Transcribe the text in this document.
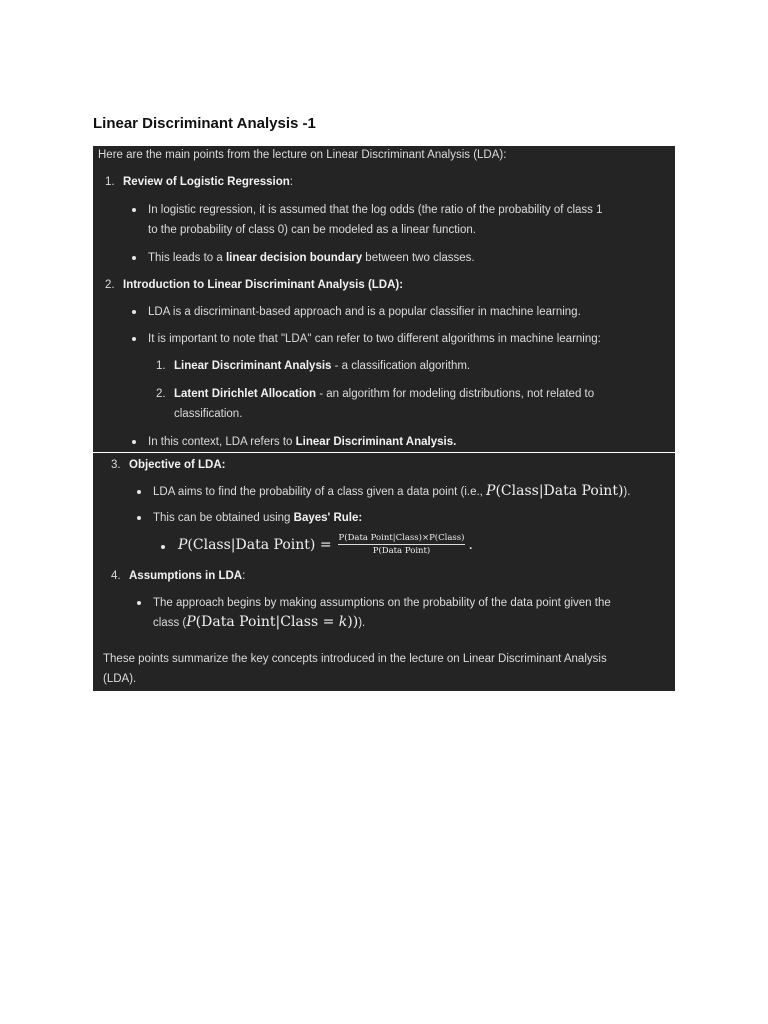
Linear Discriminant Analysis -1
Here are the main points from the lecture on Linear Discriminant Analysis (LDA):
1. Review of Logistic Regression:
In logistic regression, it is assumed that the log odds (the ratio of the probability of class 1
to the probability of class 0) can be modeled as a linear function.
This leads to a linear decision boundary between two classes.
2. Introduction to Linear Discriminant Analysis (LDA):
LDA is a discriminant-based approach and is a popular classifier in machine learning.
It is important to note that "LDA" can refer to two different algorithms in machine learning:
1. Linear Discriminant Analysis - a classification algorithm.
2. Latent Dirichlet Allocation - an algorithm for modeling distributions, not related to
classification.
In this context, LDA refers to Linear Discriminant Analysis.
3. Objective of LDA:
LDA aims to find the probability of a class given a data point (i.e., P(Class|Data Point)).
This can be obtained using Bayes' Rule:
P (Class|Data Point) = $\frac{\text{P(Data Point|Class)×P(Class)}}{\text{P(Data Point)}}$ .
4. Assumptions in LDA:
The approach begins by making assumptions on the probability of the data point given the
class (P(Data Point|Class = k))).
These points summarize the key concepts introduced in the lecture on Linear Discriminant Analysis
(LDA).
